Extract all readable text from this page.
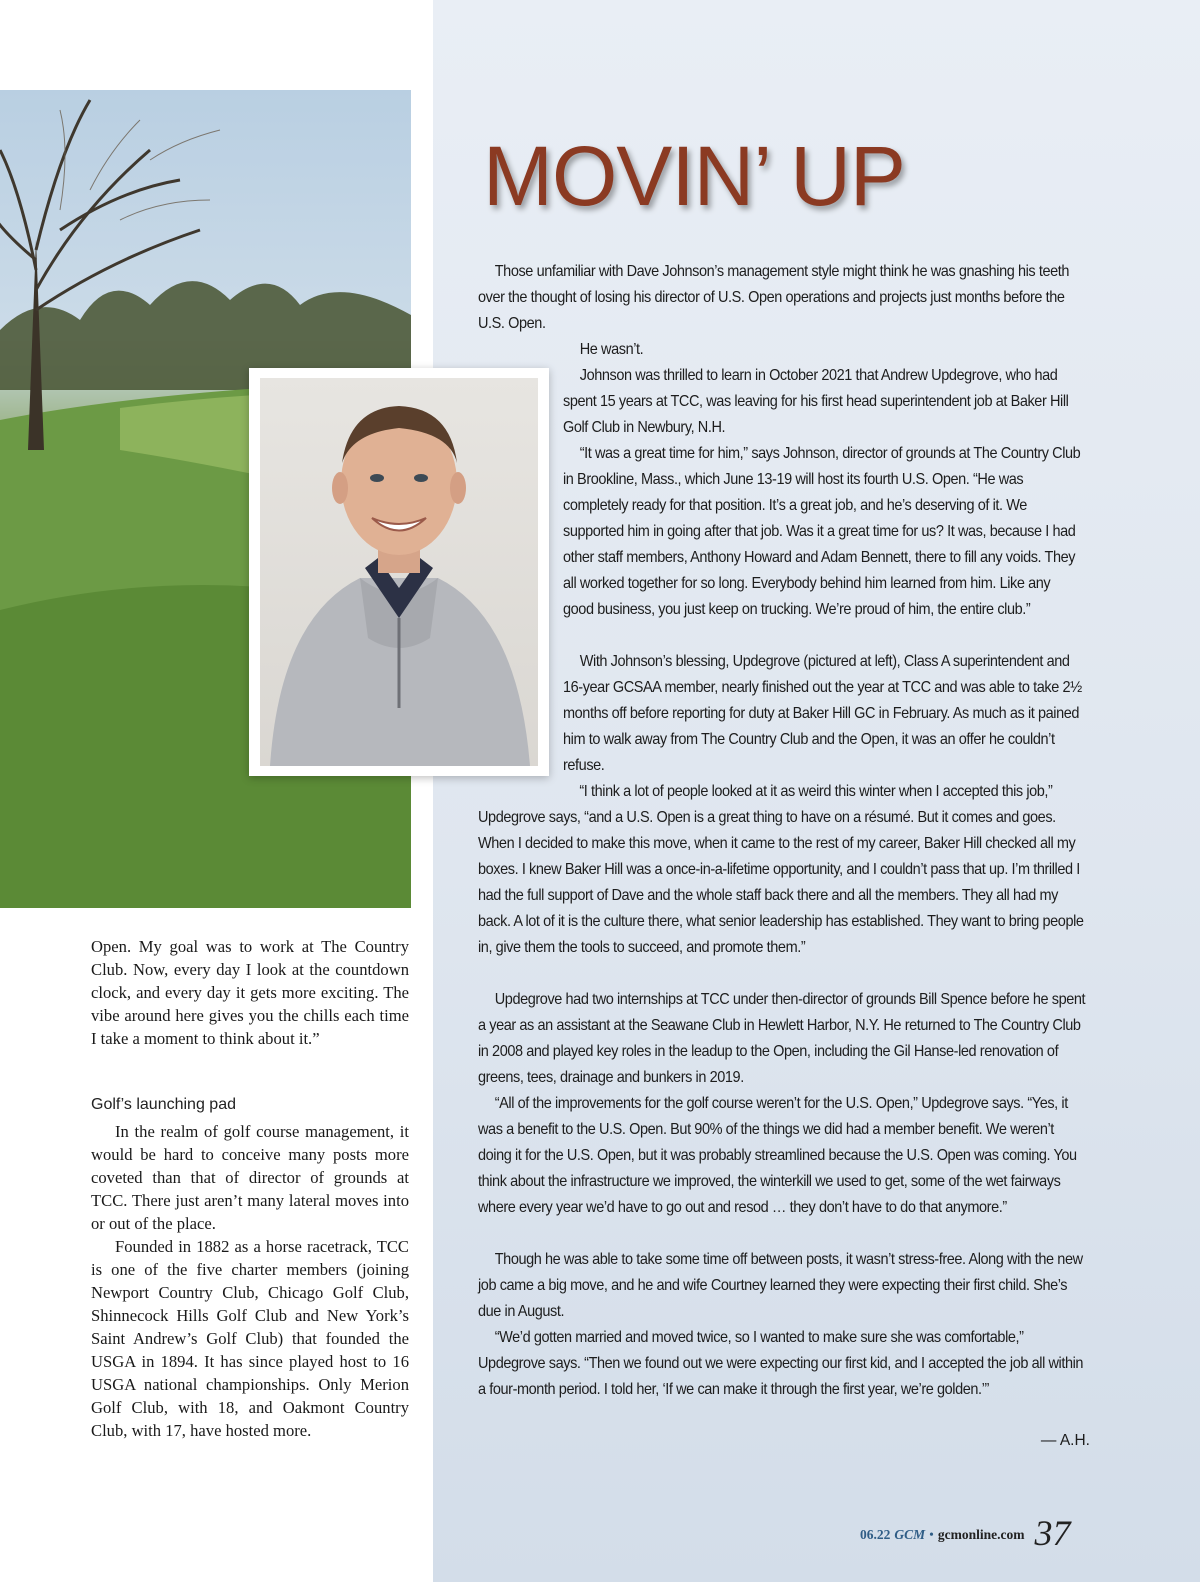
MOVIN’ UP

Those unfamiliar with Dave Johnson’s management style might think he was gnashing his teeth over the thought of losing his director of U.S. Open operations and projects just months before the U.S. Open.

He wasn’t.

Johnson was thrilled to learn in October 2021 that Andrew Updegrove, who had spent 15 years at TCC, was leaving for his first head superintendent job at Baker Hill Golf Club in Newbury, N.H.

“It was a great time for him,” says Johnson, director of grounds at The Country Club in Brookline, Mass., which June 13-19 will host its fourth U.S. Open. “He was completely ready for that position. It’s a great job, and he’s deserving of it. We supported him in going after that job. Was it a great time for us? It was, because I had other staff members, Anthony Howard and Adam Bennett, there to fill any voids. They all worked together for so long. Everybody behind him learned from him. Like any good business, you just keep on trucking. We’re proud of him, the entire club.”

With Johnson’s blessing, Updegrove (pictured at left), Class A superintendent and 16-year GCSAA member, nearly finished out the year at TCC and was able to take 2½ months off before reporting for duty at Baker Hill GC in February. As much as it pained him to walk away from The Country Club and the Open, it was an offer he couldn’t refuse.

“I think a lot of people looked at it as weird this winter when I accepted this job,” Updegrove says, “and a U.S. Open is a great thing to have on a résumé. But it comes and goes. When I decided to make this move, when it came to the rest of my career, Baker Hill checked all my boxes. I knew Baker Hill was a once-in-a-lifetime opportunity, and I couldn’t pass that up. I’m thrilled I had the full support of Dave and the whole staff back there and all the members. They all had my back. A lot of it is the culture there, what senior leadership has established. They want to bring people in, give them the tools to succeed, and promote them.”

Updegrove had two internships at TCC under then-director of grounds Bill Spence before he spent a year as an assistant at the Seawane Club in Hewlett Harbor, N.Y. He returned to The Country Club in 2008 and played key roles in the leadup to the Open, including the Gil Hanse-led renovation of greens, tees, drainage and bunkers in 2019.

“All of the improvements for the golf course weren’t for the U.S. Open,” Updegrove says. “Yes, it was a benefit to the U.S. Open. But 90% of the things we did had a member benefit. We weren’t doing it for the U.S. Open, but it was probably streamlined because the U.S. Open was coming. You think about the infrastructure we improved, the winterkill we used to get, some of the wet fairways where every year we’d have to go out and resod … they don’t have to do that anymore.”

Though he was able to take some time off between posts, it wasn’t stress-free. Along with the new job came a big move, and he and wife Courtney learned they were expecting their first child. She’s due in August.

“We’d gotten married and moved twice, so I wanted to make sure she was comfortable,” Updegrove says. “Then we found out we were expecting our first kid, and I accepted the job all within a four-month period. I told her, ‘If we can make it through the first year, we’re golden.’”

— A.H.

Open. My goal was to work at The Country Club. Now, every day I look at the countdown clock, and every day it gets more exciting. The vibe around here gives you the chills each time I take a moment to think about it.”

Golf’s launching pad

In the realm of golf course management, it would be hard to conceive many posts more coveted than that of director of grounds at TCC. There just aren’t many lateral moves into or out of the place.

Founded in 1882 as a horse racetrack, TCC is one of the five charter members (joining Newport Country Club, Chicago Golf Club, Shinnecock Hills Golf Club and New York’s Saint Andrew’s Golf Club) that founded the USGA in 1894. It has since played host to 16 USGA national championships. Only Merion Golf Club, with 18, and Oakmont Country Club, with 17, have hosted more.

06.22 GCM • gcmonline.com 37
